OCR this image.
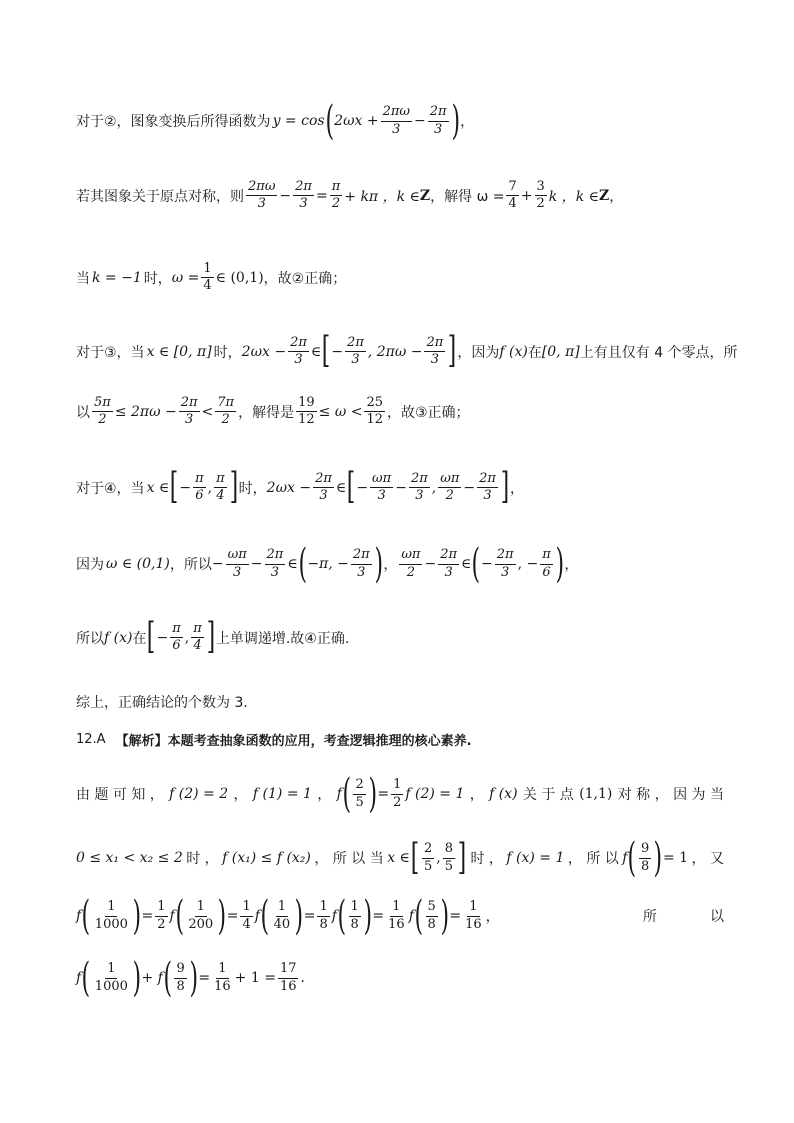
对于②，图象变换后所得函数为 y = cos ( $2\omega x + \frac{2\pi\omega}{3} - \frac{2\pi}{3}$ ) ，
若其图象关于原点对称，则 $\frac{2\pi\omega}{3} - \frac{2\pi}{3} = \frac{\pi}{2} + k\pi$ ，k ∈ Z ，解得 $\omega = \frac{7}{4} + \frac{3}{2}$ k ，k ∈ Z ，
当 k = −1 时， $\omega = \frac{1}{4}$ ∈ (0,1) ，故②正确；
对于③，当 x ∈ [0, π] 时， $2\omega x - \frac{2\pi}{3}$ ∈ [ − $\frac{2\pi}{3}$ , $2\pi\omega - \frac{2\pi}{3}$ ] ，因为 f (x) 在 [0, π] 上有且仅有 4 个零点，所
以 $\frac{5\pi}{2} \le 2\pi\omega - \frac{2\pi}{3} < \frac{7\pi}{2}$ ，解得是 $\frac{19}{12} \le \omega < \frac{25}{12}$ ，故③正确；
对于④，当 x ∈ [ − $\frac{\pi}{6}$ , $\frac{\pi}{4}$ ] 时， $2\omega x - \frac{2\pi}{3}$ ∈ [ − $\frac{\omega\pi}{3} - \frac{2\pi}{3}$ , $\frac{\omega\pi}{2} - \frac{2\pi}{3}$ ] ，
因为 ω ∈ (0,1) ，所以 − $\frac{\omega\pi}{3} - \frac{2\pi}{3}$ ∈ ( −π, − $\frac{2\pi}{3}$ ) ， $\frac{\omega\pi}{2} - \frac{2\pi}{3}$ ∈ ( − $\frac{2\pi}{3}$ , − $\frac{\pi}{6}$ ) ，
所以 f (x) 在 [ − $\frac{\pi}{6}$ , $\frac{\pi}{4}$ ] 上单调递增.故④正确.
综上，正确结论的个数为 3.
12.A 【解析】本题考查抽象函数的应用，考查逻辑推理的核心素养.
由 题 可 知 ， f (2) = 2 ， f (1) = 1 ， f ( $\frac{2}{5}$ ) = $\frac{1}{2}$ f (2) = 1 ， f (x) 关 于 点 (1,1) 对 称 ， 因 为 当
0 ≤ x₁ < x₂ ≤ 2 时 ， f (x₁) ≤ f (x₂) ， 所 以 当 x ∈ [ $\frac{2}{5}$ , $\frac{8}{5}$ ] 时 ， f (x) = 1 ， 所 以 f ( $\frac{9}{8}$ ) = 1 ， 又
f ( $\frac{1}{1000}$ ) = $\frac{1}{2}$ f ( $\frac{1}{200}$ ) = $\frac{1}{4}$ f ( $\frac{1}{40}$ ) = $\frac{1}{8}$ f ( $\frac{1}{8}$ ) = $\frac{1}{16}$ f ( $\frac{5}{8}$ ) = $\frac{1}{16}$ ，	所	以
f ( $\frac{1}{1000}$ ) + f ( $\frac{9}{8}$ ) = $\frac{1}{16} + 1 = \frac{17}{16}$ .
